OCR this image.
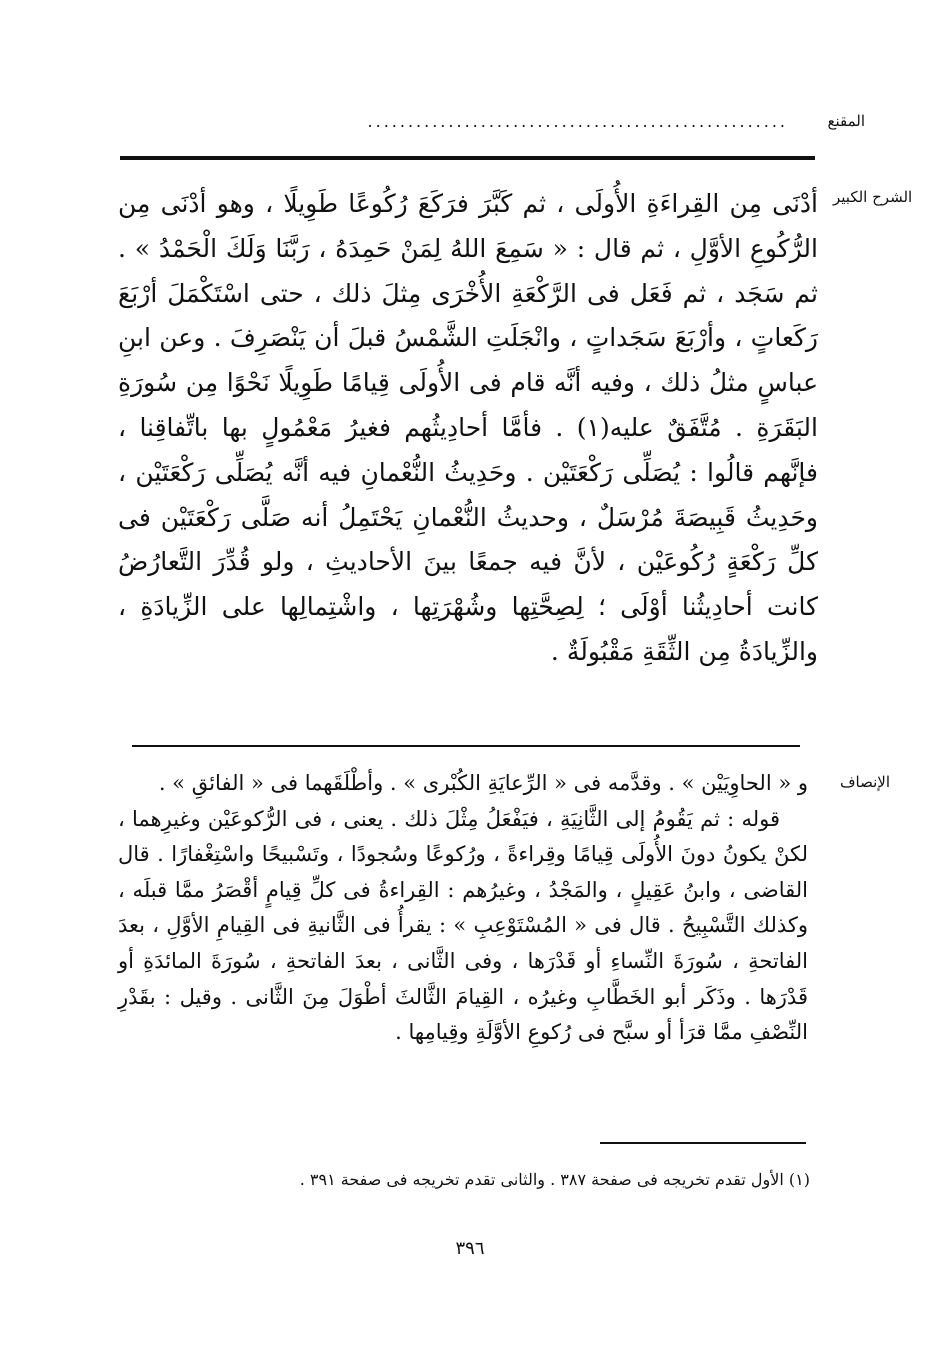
المقنع
....................................................
الشرح الكبير

أدْنَى مِن القِراءَةِ الأُولَى ، ثم كَبَّرَ فرَكَعَ رُكُوعًا طَوِيلًا ، وهو أدْنَى مِن الرُّكُوعِ الأوَّلِ ، ثم قال : « سَمِعَ اللهُ لِمَنْ حَمِدَهُ ، رَبَّنَا وَلَكَ الْحَمْدُ » . ثم سَجَد ، ثم فَعَل فى الرَّكْعَةِ الأُخْرَى مِثلَ ذلك ، حتى اسْتَكْمَلَ أرْبَعَ رَكَعاتٍ ، وأرْبَعَ سَجَداتٍ ، وانْجَلَتِ الشَّمْسُ قبلَ أن يَنْصَرِفَ . وعن ابنِ عباسٍ مثلُ ذلك ، وفيه أنَّه قام فى الأُولَى قِيامًا طَوِيلًا نَحْوًا مِن سُورَةِ البَقَرَةِ . مُتَّفَقٌ عليه(١) . فأمَّا أحادِيثُهم فغيرُ مَعْمُولٍ بها باتِّفاقِنا ، فإنَّهم قالُوا : يُصَلِّى رَكْعَتَيْن . وحَدِيثُ النُّعْمانِ فيه أنَّه يُصَلِّى رَكْعَتَيْن ، وحَدِيثُ قَبِيصَةَ مُرْسَلٌ ، وحديثُ النُّعْمانِ يَحْتَمِلُ أنه صَلَّى رَكْعَتَيْن فى كلِّ رَكْعَةٍ رُكُوعَيْن ، لأنَّ فيه جمعًا بينَ الأحاديثِ ، ولو قُدِّرَ التَّعارُضُ كانت أحادِيثُنا أوْلَى ؛ لِصِحَّتِها وشُهْرَتِها ، واشْتِمالِها على الزِّيادَةِ ، والزِّيادَةُ مِن الثِّقَةِ مَقْبُولَةٌ .

الإنصاف

و « الحاوِيَيْن » . وقدَّمه فى « الرِّعايَةِ الكُبْرى » . وأطْلَقَهما فى « الفائقِ » .

قوله : ثم يَقُومُ إلى الثَّانِيَةِ ، فيَفْعَلُ مِثْلَ ذلك . يعنى ، فى الرُّكوعَيْن وغيرِهما ، لكنْ يكونُ دونَ الأُولَى قِيامًا وقِراءةً ، ورُكوعًا وسُجودًا ، وتَسْبيحًا واسْتِغْفارًا . قال القاضى ، وابنُ عَقِيلٍ ، والمَجْدُ ، وغيرُهم : القِراءةُ فى كلِّ قِيامٍ أقْصَرُ ممَّا قبلَه ، وكذلك التَّسْبِيحُ . قال فى « المُسْتَوْعِبِ » : يقرأُ فى الثَّانيةِ فى القِيامِ الأوَّلِ ، بعدَ الفاتحةِ ، سُورَةَ النِّساءِ أو قَدْرَها ، وفى الثَّانى ، بعدَ الفاتحةِ ، سُورَةَ المائدَةِ أو قَدْرَها . وذَكَر أبو الخَطَّابِ وغيرُه ، القِيامَ الثَّالثَ أطْوَلَ مِنَ الثَّانى . وقيل : بقَدْرِ النِّصْفِ ممَّا قرَأ أو سبَّح فى رُكوعِ الأوَّلَةِ وقِيامِها .

(١) الأول تقدم تخريجه فى صفحة ٣٨٧ . والثانى تقدم تخريجه فى صفحة ٣٩١ .
٣٩٦
